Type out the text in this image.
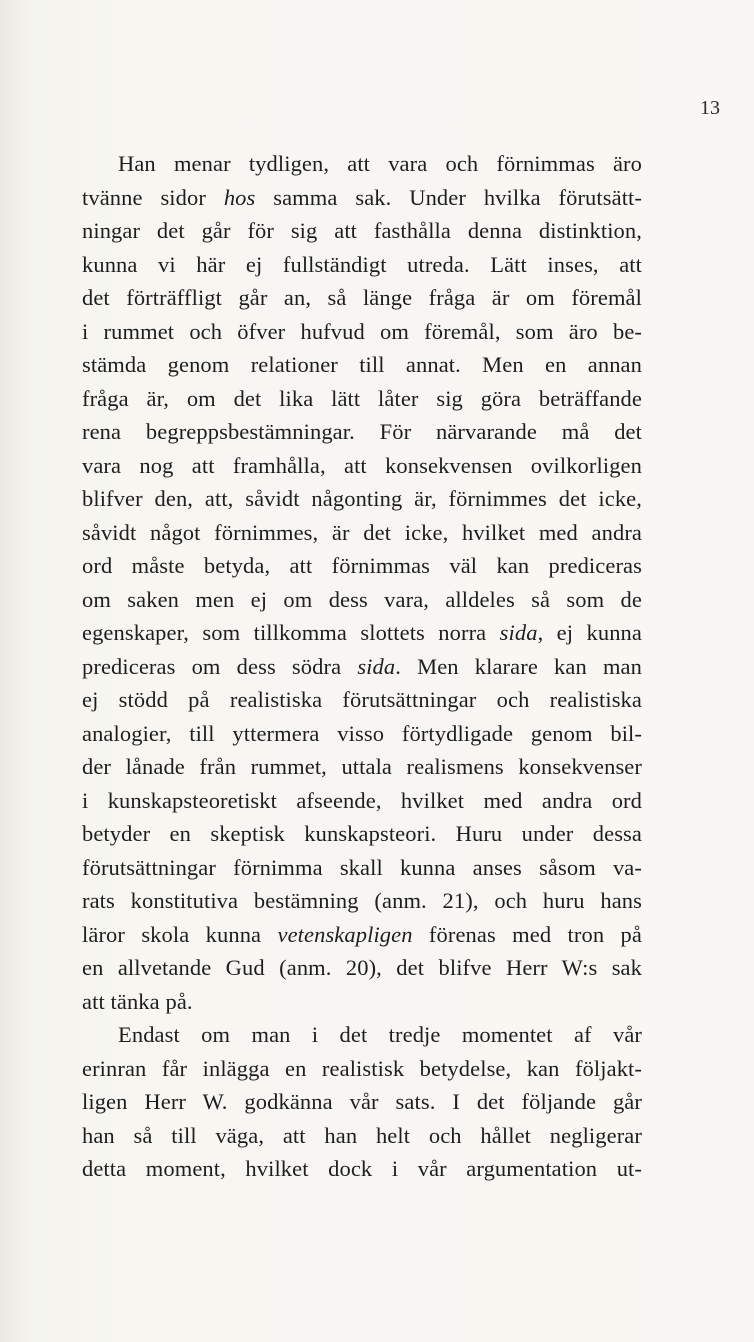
13
Han menar tydligen, att vara och förnimmas äro
tvänne sidor hos samma sak. Under hvilka förutsätt-
ningar det går för sig att fasthålla denna distinktion,
kunna vi här ej fullständigt utreda. Lätt inses, att
det förträffligt går an, så länge fråga är om föremål
i rummet och öfver hufvud om föremål, som äro be-
stämda genom relationer till annat. Men en annan
fråga är, om det lika lätt låter sig göra beträffande
rena begreppsbestämningar. För närvarande må det
vara nog att framhålla, att konsekvensen ovilkorligen
blifver den, att, såvidt någonting är, förnimmes det icke,
såvidt något förnimmes, är det icke, hvilket med andra
ord måste betyda, att förnimmas väl kan prediceras
om saken men ej om dess vara, alldeles så som de
egenskaper, som tillkomma slottets norra sida, ej kunna
prediceras om dess södra sida. Men klarare kan man
ej stödd på realistiska förutsättningar och realistiska
analogier, till yttermera visso förtydligade genom bil-
der lånade från rummet, uttala realismens konsekvenser
i kunskapsteoretiskt afseende, hvilket med andra ord
betyder en skeptisk kunskapsteori. Huru under dessa
förutsättningar förnimma skall kunna anses såsom va-
rats konstitutiva bestämning (anm. 21), och huru hans
läror skola kunna vetenskapligen förenas med tron på
en allvetande Gud (anm. 20), det blifve Herr W:s sak
att tänka på.
Endast om man i det tredje momentet af vår
erinran får inlägga en realistisk betydelse, kan följakt-
ligen Herr W. godkänna vår sats. I det följande går
han så till väga, att han helt och hållet negligerar
detta moment, hvilket dock i vår argumentation ut-
